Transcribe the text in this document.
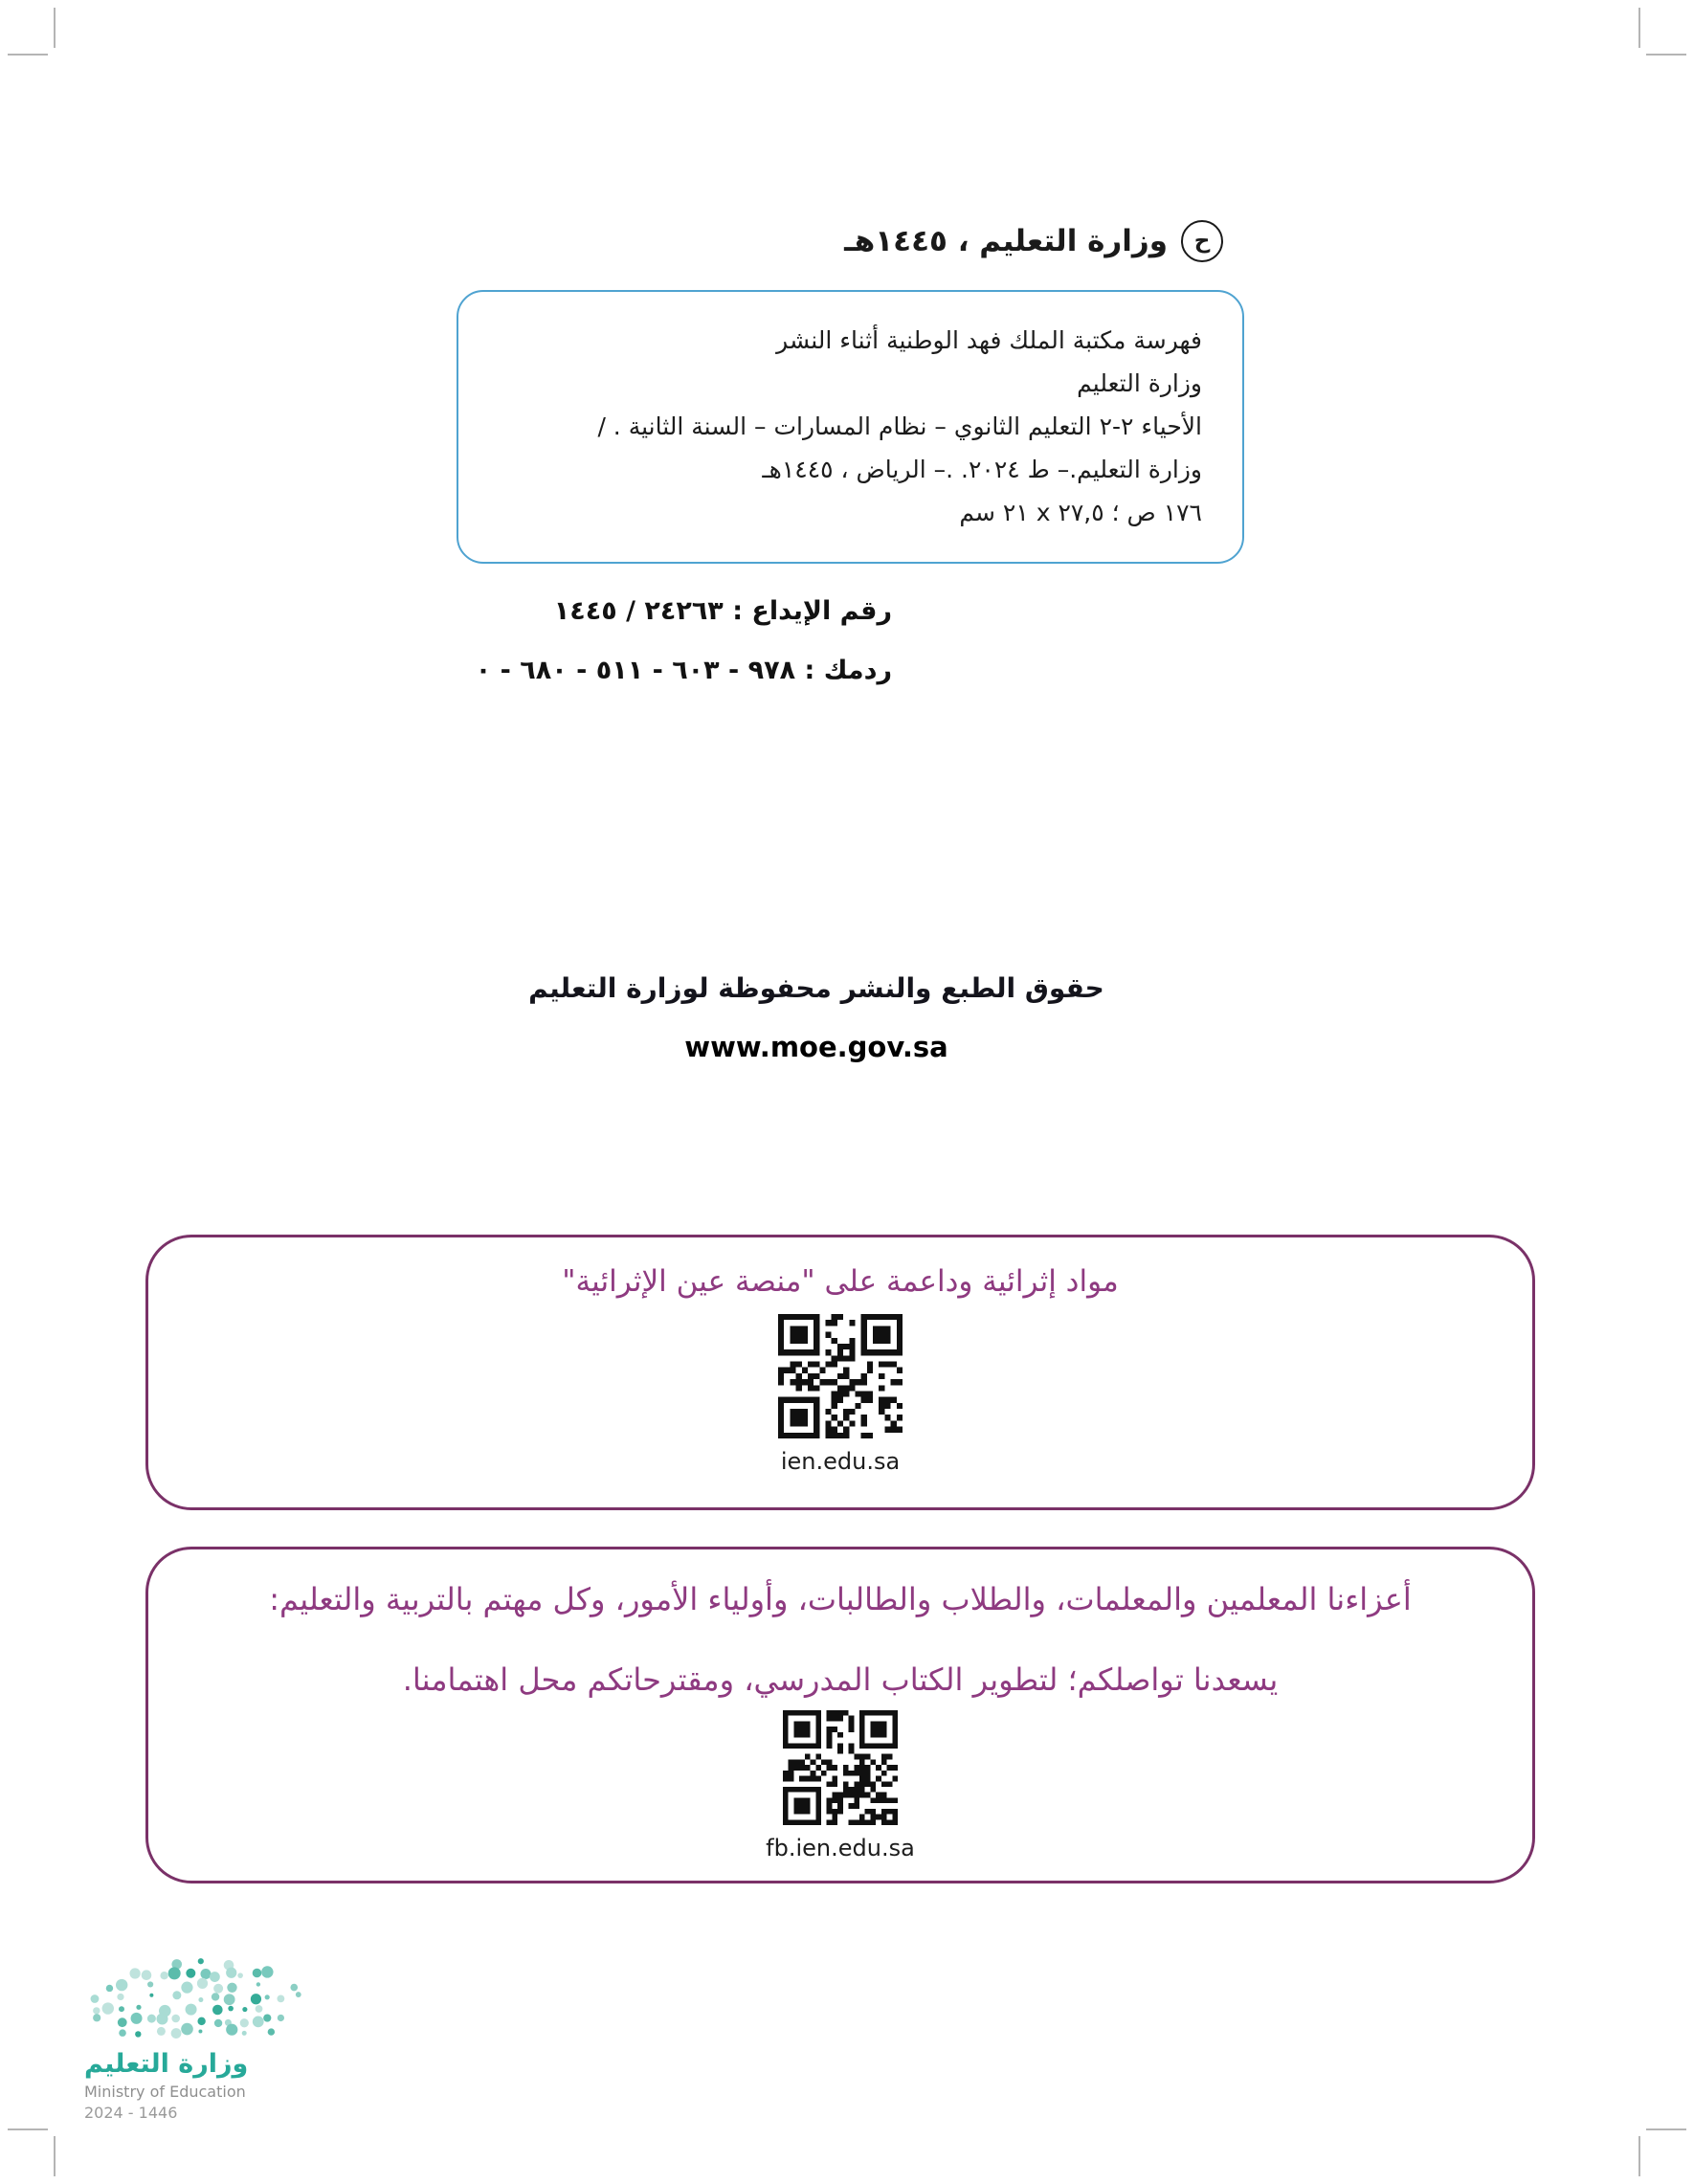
ح
وزارة التعليم ، ١٤٤٥هـ
فهرسة مكتبة الملك فهد الوطنية أثناء النشر
وزارة التعليم
الأحياء ٢-٢ التعليم الثانوي – نظام المسارات – السنة الثانية . /
وزارة التعليم.– ط ٢٠٢٤. .– الرياض ، ١٤٤٥هـ
١٧٦ ص ؛ ٢٧,٥ x ٢١ سم
رقم الإيداع : ٢٤٢٦٣ / ١٤٤٥
ردمك : ٩٧٨ - ٦٠٣ - ٥١١ - ٦٨٠ - ٠
حقوق الطبع والنشر محفوظة لوزارة التعليم
www.moe.gov.sa
مواد إثرائية وداعمة على "منصة عين الإثرائية"
ien.edu.sa
أعزاءنا المعلمين والمعلمات، والطلاب والطالبات، وأولياء الأمور، وكل مهتم بالتربية والتعليم:
يسعدنا تواصلكم؛ لتطوير الكتاب المدرسي، ومقترحاتكم محل اهتمامنا.
fb.ien.edu.sa
وزارة التعليم
Ministry of Education
2024 - 1446
